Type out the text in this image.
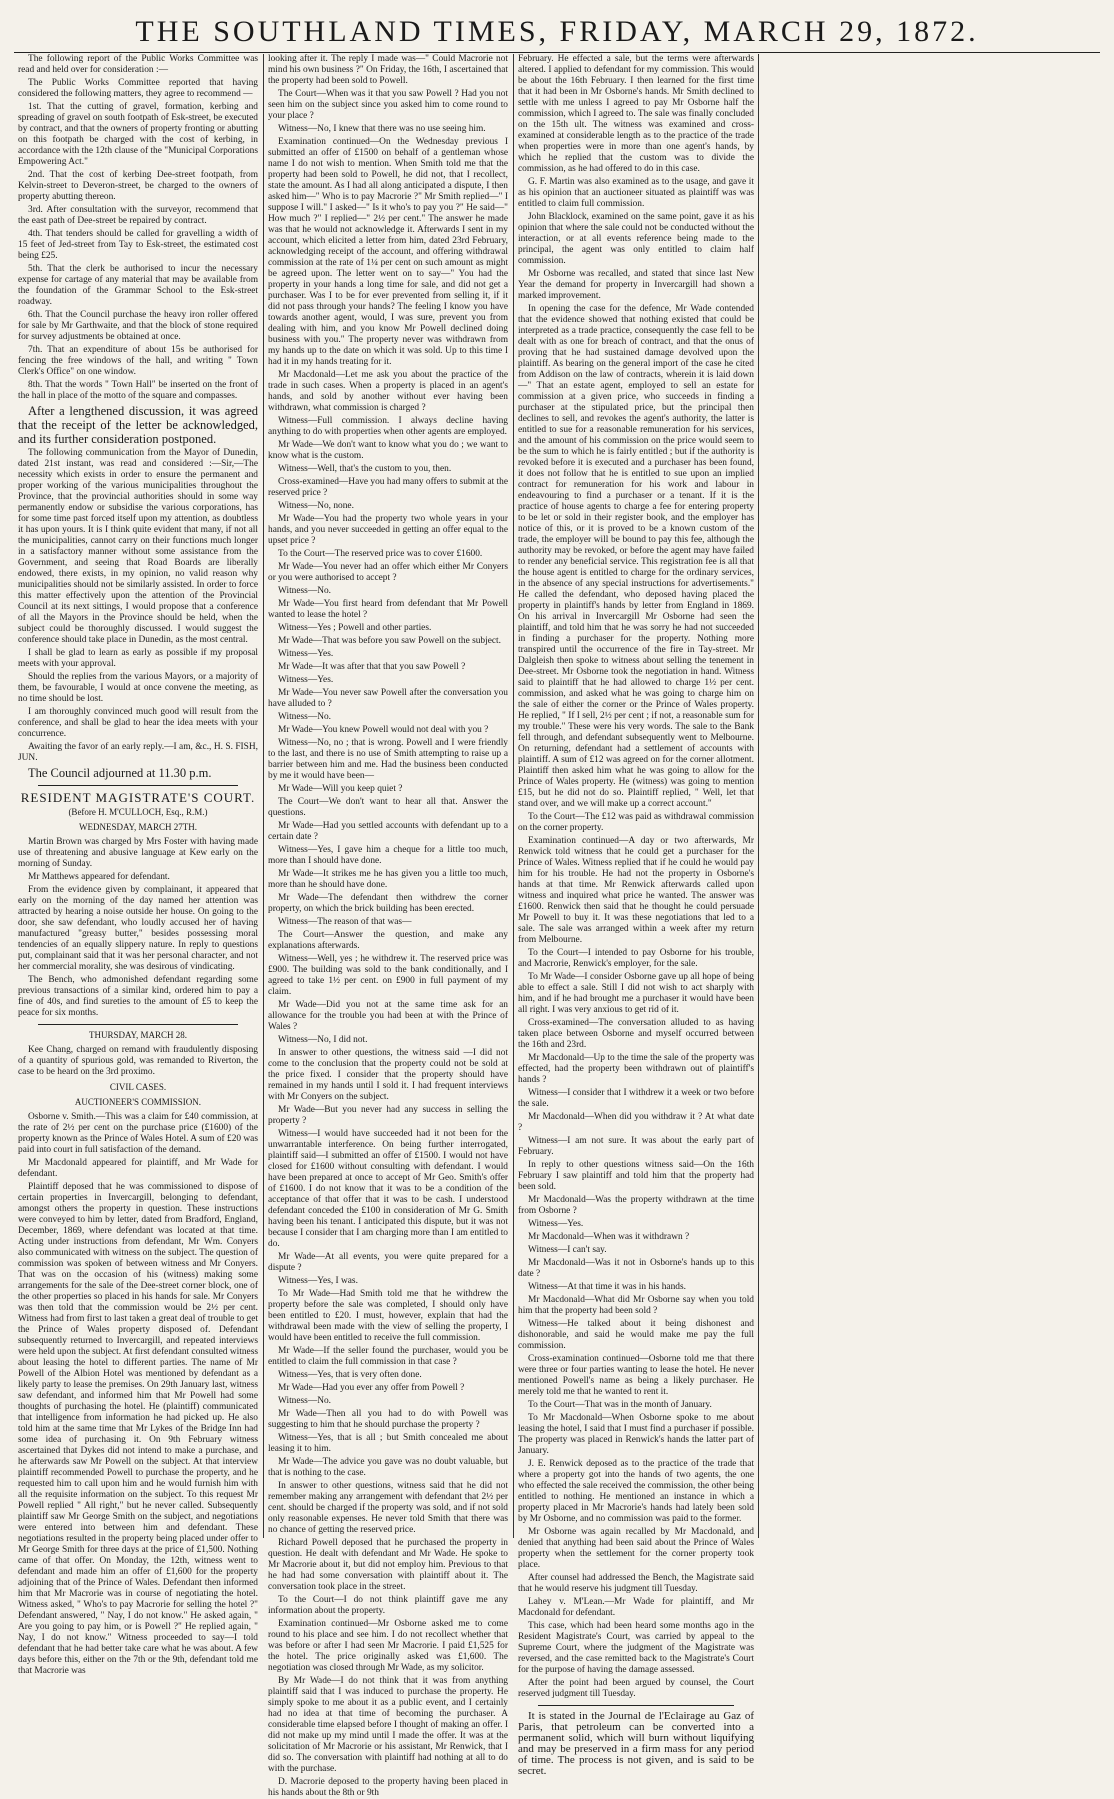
THE SOUTHLAND TIMES, FRIDAY, MARCH 29, 1872.

The following report of the Public Works Committee was read and held over for consideration :—

The Public Works Committee reported that having considered the following matters, they agree to recommend —

1st. That the cutting of gravel, formation, kerbing and spreading of gravel on south footpath of Esk-street, be executed by contract, and that the owners of property fronting or abutting on this footpath be charged with the cost of kerbing, in accordance with the 12th clause of the "Municipal Corporations Empowering Act."

2nd. That the cost of kerbing Dee-street footpath, from Kelvin-street to Deveron-street, be charged to the owners of property abutting thereon.

3rd. After consultation with the surveyor, recommend that the east path of Dee-street be repaired by contract.

4th. That tenders should be called for gravelling a width of 15 feet of Jed-street from Tay to Esk-street, the estimated cost being £25.

5th. That the clerk be authorised to incur the necessary expense for cartage of any material that may be available from the foundation of the Grammar School to the Esk-street roadway.

6th. That the Council purchase the heavy iron roller offered for sale by Mr Garthwaite, and that the block of stone required for survey adjustments be obtained at once.

7th. That an expenditure of about 15s be authorised for fencing the free windows of the hall, and writing " Town Clerk's Office" on one window.

8th. That the words " Town Hall" be inserted on the front of the hall in place of the motto of the square and compasses.

After a lengthened discussion, it was agreed that the receipt of the letter be acknowledged, and its further consideration postponed.

The following communication from the Mayor of Dunedin, dated 21st instant, was read and considered :—Sir,—The necessity which exists in order to ensure the permanent and proper working of the various municipalities throughout the Province, that the provincial authorities should in some way permanently endow or subsidise the various corporations, has for some time past forced itself upon my attention, as doubtless it has upon yours. It is I think quite evident that many, if not all the municipalities, cannot carry on their functions much longer in a satisfactory manner without some assistance from the Government, and seeing that Road Boards are liberally endowed, there exists, in my opinion, no valid reason why municipalities should not be similarly assisted. In order to force this matter effectively upon the attention of the Provincial Council at its next sittings, I would propose that a conference of all the Mayors in the Province should be held, when the subject could be thoroughly discussed. I would suggest the conference should take place in Dunedin, as the most central.

I shall be glad to learn as early as possible if my proposal meets with your approval.

Should the replies from the various Mayors, or a majority of them, be favourable, I would at once convene the meeting, as no time should be lost.

I am thoroughly convinced much good will result from the conference, and shall be glad to hear the idea meets with your concurrence.

Awaiting the favor of an early reply.—I am, &c., H. S. FISH, JUN.

The Council adjourned at 11.30 p.m.

RESIDENT MAGISTRATE'S COURT.
(Before H. M'CULLOCH, Esq., R.M.)
WEDNESDAY, MARCH 27TH.

Martin Brown was charged by Mrs Foster with having made use of threatening and abusive language at Kew early on the morning of Sunday.

Mr Matthews appeared for defendant.

From the evidence given by complainant, it appeared that early on the morning of the day named her attention was attracted by hearing a noise outside her house. On going to the door, she saw defendant, who loudly accused her of having manufactured "greasy butter," besides possessing moral tendencies of an equally slippery nature. In reply to questions put, complainant said that it was her personal character, and not her commercial morality, she was desirous of vindicating.

The Bench, who admonished defendant regarding some previous transactions of a similar kind, ordered him to pay a fine of 40s, and find sureties to the amount of £5 to keep the peace for six months.

THURSDAY, MARCH 28.

Kee Chang, charged on remand with fraudulently disposing of a quantity of spurious gold, was remanded to Riverton, the case to be heard on the 3rd proximo.

CIVIL CASES.
AUCTIONEER'S COMMISSION.

Osborne v. Smith.—This was a claim for £40 commission, at the rate of 2½ per cent on the purchase price (£1600) of the property known as the Prince of Wales Hotel. A sum of £20 was paid into court in full satisfaction of the demand.

Mr Macdonald appeared for plaintiff, and Mr Wade for defendant.

Plaintiff deposed that he was commissioned to dispose of certain properties in Invercargill, belonging to defendant, amongst others the property in question. These instructions were conveyed to him by letter, dated from Bradford, England, December, 1869, where defendant was located at that time. Acting under instructions from defendant, Mr Wm. Conyers also communicated with witness on the subject. The question of commission was spoken of between witness and Mr Conyers. That was on the occasion of his (witness) making some arrangements for the sale of the Dee-street corner block, one of the other properties so placed in his hands for sale. Mr Conyers was then told that the commission would be 2½ per cent. Witness had from first to last taken a great deal of trouble to get the Prince of Wales property disposed of. Defendant subsequently returned to Invercargill, and repeated interviews were held upon the subject. At first defendant consulted witness about leasing the hotel to different parties. The name of Mr Powell of the Albion Hotel was mentioned by defendant as a likely party to lease the premises. On 29th January last, witness saw defendant, and informed him that Mr Powell had some thoughts of purchasing the hotel. He (plaintiff) communicated that intelligence from information he had picked up. He also told him at the same time that Mr Lykes of the Bridge Inn had some idea of purchasing it. On 9th February witness ascertained that Dykes did not intend to make a purchase, and he afterwards saw Mr Powell on the subject. At that interview plaintiff recommended Powell to purchase the property, and he requested him to call upon him and he would furnish him with all the requisite information on the subject. To this request Mr Powell replied " All right," but he never called. Subsequently plaintiff saw Mr George Smith on the subject, and negotiations were entered into between him and defendant. These negotiations resulted in the property being placed under offer to Mr George Smith for three days at the price of £1,500. Nothing came of that offer. On Monday, the 12th, witness went to defendant and made him an offer of £1,600 for the property adjoining that of the Prince of Wales. Defendant then informed him that Mr Macrorie was in course of negotiating the hotel. Witness asked, " Who's to pay Macrorie for selling the hotel ?" Defendant answered, " Nay, I do not know." He asked again, " Are you going to pay him, or is Powell ?" He replied again, " Nay, I do not know." Witness proceeded to say—I told defendant that he had better take care what he was about. A few days before this, either on the 7th or the 9th, defendant told me that Macrorie was

looking after it. The reply I made was—" Could Macrorie not mind his own business ?" On Friday, the 16th, I ascertained that the property had been sold to Powell.

The Court—When was it that you saw Powell ? Had you not seen him on the subject since you asked him to come round to your place ?

Witness—No, I knew that there was no use seeing him.

Examination continued—On the Wednesday previous I submitted an offer of £1500 on behalf of a gentleman whose name I do not wish to mention. When Smith told me that the property had been sold to Powell, he did not, that I recollect, state the amount. As I had all along anticipated a dispute, I then asked him—" Who is to pay Macrorie ?" Mr Smith replied—" I suppose I will." I asked—" Is it who's to pay you ?" He said—" How much ?" I replied—" 2½ per cent." The answer he made was that he would not acknowledge it. Afterwards I sent in my account, which elicited a letter from him, dated 23rd February, acknowledging receipt of the account, and offering withdrawal commission at the rate of 1¼ per cent on such amount as might be agreed upon. The letter went on to say—" You had the property in your hands a long time for sale, and did not get a purchaser. Was I to be for ever prevented from selling it, if it did not pass through your hands? The feeling I know you have towards another agent, would, I was sure, prevent you from dealing with him, and you know Mr Powell declined doing business with you." The property never was withdrawn from my hands up to the date on which it was sold. Up to this time I had it in my hands treating for it.

Mr Macdonald—Let me ask you about the practice of the trade in such cases. When a property is placed in an agent's hands, and sold by another without ever having been withdrawn, what commission is charged ?

Witness—Full commission. I always decline having anything to do with properties when other agents are employed.

Mr Wade—We don't want to know what you do ; we want to know what is the custom.

Witness—Well, that's the custom to you, then.

Cross-examined—Have you had many offers to submit at the reserved price ?

Witness—No, none.

Mr Wade—You had the property two whole years in your hands, and you never succeeded in getting an offer equal to the upset price ?

To the Court—The reserved price was to cover £1600.

Mr Wade—You never had an offer which either Mr Conyers or you were authorised to accept ?

Witness—No.

Mr Wade—You first heard from defendant that Mr Powell wanted to lease the hotel ?

Witness—Yes ; Powell and other parties.

Mr Wade—That was before you saw Powell on the subject.

Witness—Yes.

Mr Wade—It was after that that you saw Powell ?

Witness—Yes.

Mr Wade—You never saw Powell after the conversation you have alluded to ?

Witness—No.

Mr Wade—You knew Powell would not deal with you ?

Witness—No, no ; that is wrong. Powell and I were friendly to the last, and there is no use of Smith attempting to raise up a barrier between him and me. Had the business been conducted by me it would have been—

Mr Wade—Will you keep quiet ?

The Court—We don't want to hear all that. Answer the questions.

Mr Wade—Had you settled accounts with defendant up to a certain date ?

Witness—Yes, I gave him a cheque for a little too much, more than I should have done.

Mr Wade—It strikes me he has given you a little too much, more than he should have done.

Mr Wade—The defendant then withdrew the corner property, on which the brick building has been erected.

Witness—The reason of that was—

The Court—Answer the question, and make any explanations afterwards.

Witness—Well, yes ; he withdrew it. The reserved price was £900. The building was sold to the bank conditionally, and I agreed to take 1½ per cent. on £900 in full payment of my claim.

Mr Wade—Did you not at the same time ask for an allowance for the trouble you had been at with the Prince of Wales ?

Witness—No, I did not.

In answer to other questions, the witness said —I did not come to the conclusion that the property could not be sold at the price fixed. I consider that the property should have remained in my hands until I sold it. I had frequent interviews with Mr Conyers on the subject.

Mr Wade—But you never had any success in selling the property ?

Witness—I would have succeeded had it not been for the unwarrantable interference. On being further interrogated, plaintiff said—I submitted an offer of £1500. I would not have closed for £1600 without consulting with defendant. I would have been prepared at once to accept of Mr Geo. Smith's offer of £1600. I do not know that it was to be a condition of the acceptance of that offer that it was to be cash. I understood defendant conceded the £100 in consideration of Mr G. Smith having been his tenant. I anticipated this dispute, but it was not because I consider that I am charging more than I am entitled to do.

Mr Wade—At all events, you were quite prepared for a dispute ?

Witness—Yes, I was.

To Mr Wade—Had Smith told me that he withdrew the property before the sale was completed, I should only have been entitled to £20. I must, however, explain that had the withdrawal been made with the view of selling the property, I would have been entitled to receive the full commission.

Mr Wade—If the seller found the purchaser, would you be entitled to claim the full commission in that case ?

Witness—Yes, that is very often done.

Mr Wade—Had you ever any offer from Powell ?

Witness—No.

Mr Wade—Then all you had to do with Powell was suggesting to him that he should purchase the property ?

Witness—Yes, that is all ; but Smith concealed me about leasing it to him.

Mr Wade—The advice you gave was no doubt valuable, but that is nothing to the case.

In answer to other questions, witness said that he did not remember making any arrangement with defendant that 2½ per cent. should be charged if the property was sold, and if not sold only reasonable expenses. He never told Smith that there was no chance of getting the reserved price.

Richard Powell deposed that he purchased the property in question. He dealt with defendant and Mr Wade. He spoke to Mr Macrorie about it, but did not employ him. Previous to that he had had some conversation with plaintiff about it. The conversation took place in the street.

To the Court—I do not think plaintiff gave me any information about the property.

Examination continued—Mr Osborne asked me to come round to his place and see him. I do not recollect whether that was before or after I had seen Mr Macrorie. I paid £1,525 for the hotel. The price originally asked was £1,600. The negotiation was closed through Mr Wade, as my solicitor.

By Mr Wade—I do not think that it was from anything plaintiff said that I was induced to purchase the property. He simply spoke to me about it as a public event, and I certainly had no idea at that time of becoming the purchaser. A considerable time elapsed before I thought of making an offer. I did not make up my mind until I made the offer. It was at the solicitation of Mr Macrorie or his assistant, Mr Renwick, that I did so. The conversation with plaintiff had nothing at all to do with the purchase.

D. Macrorie deposed to the property having been placed in his hands about the 8th or 9th

February. He effected a sale, but the terms were afterwards altered. I applied to defendant for my commission. This would be about the 16th February. I then learned for the first time that it had been in Mr Osborne's hands. Mr Smith declined to settle with me unless I agreed to pay Mr Osborne half the commission, which I agreed to. The sale was finally concluded on the 15th ult. The witness was examined and cross-examined at considerable length as to the practice of the trade when properties were in more than one agent's hands, by which he replied that the custom was to divide the commission, as he had offered to do in this case.

G. F. Martin was also examined as to the usage, and gave it as his opinion that an auctioneer situated as plaintiff was was entitled to claim full commission.

John Blacklock, examined on the same point, gave it as his opinion that where the sale could not be conducted without the interaction, or at all events reference being made to the principal, the agent was only entitled to claim half commission.

Mr Osborne was recalled, and stated that since last New Year the demand for property in Invercargill had shown a marked improvement.

In opening the case for the defence, Mr Wade contended that the evidence showed that nothing existed that could be interpreted as a trade practice, consequently the case fell to be dealt with as one for breach of contract, and that the onus of proving that he had sustained damage devolved upon the plaintiff. As bearing on the general import of the case he cited from Addison on the law of contracts, wherein it is laid down—" That an estate agent, employed to sell an estate for commission at a given price, who succeeds in finding a purchaser at the stipulated price, but the principal then declines to sell, and revokes the agent's authority, the latter is entitled to sue for a reasonable remuneration for his services, and the amount of his commission on the price would seem to be the sum to which he is fairly entitled ; but if the authority is revoked before it is executed and a purchaser has been found, it does not follow that he is entitled to sue upon an implied contract for remuneration for his work and labour in endeavouring to find a purchaser or a tenant. If it is the practice of house agents to charge a fee for entering property to be let or sold in their register book, and the employer has notice of this, or it is proved to be a known custom of the trade, the employer will be bound to pay this fee, although the authority may be revoked, or before the agent may have failed to render any beneficial service. This registration fee is all that the house agent is entitled to charge for the ordinary services, in the absence of any special instructions for advertisements." He called the defendant, who deposed having placed the property in plaintiff's hands by letter from England in 1869. On his arrival in Invercargill Mr Osborne had seen the plaintiff, and told him that he was sorry he had not succeeded in finding a purchaser for the property. Nothing more transpired until the occurrence of the fire in Tay-street. Mr Dalgleish then spoke to witness about selling the tenement in Dee-street. Mr Osborne took the negotiation in hand. Witness said to plaintiff that he had allowed to charge 1½ per cent. commission, and asked what he was going to charge him on the sale of either the corner or the Prince of Wales property. He replied, " If I sell, 2½ per cent ; if not, a reasonable sum for my trouble." These were his very words. The sale to the Bank fell through, and defendant subsequently went to Melbourne. On returning, defendant had a settlement of accounts with plaintiff. A sum of £12 was agreed on for the corner allotment. Plaintiff then asked him what he was going to allow for the Prince of Wales property. He (witness) was going to mention £15, but he did not do so. Plaintiff replied, " Well, let that stand over, and we will make up a correct account."

To the Court—The £12 was paid as withdrawal commission on the corner property.

Examination continued—A day or two afterwards, Mr Renwick told witness that he could get a purchaser for the Prince of Wales. Witness replied that if he could he would pay him for his trouble. He had not the property in Osborne's hands at that time. Mr Renwick afterwards called upon witness and inquired what price he wanted. The answer was £1600. Renwick then said that he thought he could persuade Mr Powell to buy it. It was these negotiations that led to a sale. The sale was arranged within a week after my return from Melbourne.

To the Court—I intended to pay Osborne for his trouble, and Macrorie, Renwick's employer, for the sale.

To Mr Wade—I consider Osborne gave up all hope of being able to effect a sale. Still I did not wish to act sharply with him, and if he had brought me a purchaser it would have been all right. I was very anxious to get rid of it.

Cross-examined—The conversation alluded to as having taken place between Osborne and myself occurred between the 16th and 23rd.

Mr Macdonald—Up to the time the sale of the property was effected, had the property been withdrawn out of plaintiff's hands ?

Witness—I consider that I withdrew it a week or two before the sale.

Mr Macdonald—When did you withdraw it ? At what date ?

Witness—I am not sure. It was about the early part of February.

In reply to other questions witness said—On the 16th February I saw plaintiff and told him that the property had been sold.

Mr Macdonald—Was the property withdrawn at the time from Osborne ?

Witness—Yes.

Mr Macdonald—When was it withdrawn ?

Witness—I can't say.

Mr Macdonald—Was it not in Osborne's hands up to this date ?

Witness—At that time it was in his hands.

Mr Macdonald—What did Mr Osborne say when you told him that the property had been sold ?

Witness—He talked about it being dishonest and dishonorable, and said he would make me pay the full commission.

Cross-examination continued—Osborne told me that there were three or four parties wanting to lease the hotel. He never mentioned Powell's name as being a likely purchaser. He merely told me that he wanted to rent it.

To the Court—That was in the month of January.

To Mr Macdonald—When Osborne spoke to me about leasing the hotel, I said that I must find a purchaser if possible. The property was placed in Renwick's hands the latter part of January.

J. E. Renwick deposed as to the practice of the trade that where a property got into the hands of two agents, the one who effected the sale received the commission, the other being entitled to nothing. He mentioned an instance in which a property placed in Mr Macrorie's hands had lately been sold by Mr Osborne, and no commission was paid to the former.

Mr Osborne was again recalled by Mr Macdonald, and denied that anything had been said about the Prince of Wales property when the settlement for the corner property took place.

After counsel had addressed the Bench, the Magistrate said that he would reserve his judgment till Tuesday.

Lahey v. M'Lean.—Mr Wade for plaintiff, and Mr Macdonald for defendant.

This case, which had been heard some months ago in the Resident Magistrate's Court, was carried by appeal to the Supreme Court, where the judgment of the Magistrate was reversed, and the case remitted back to the Magistrate's Court for the purpose of having the damage assessed.

After the point had been argued by counsel, the Court reserved judgment till Tuesday.

It is stated in the Journal de l'Eclairage au Gaz of Paris, that petroleum can be converted into a permanent solid, which will burn without liquifying and may be preserved in a firm mass for any period of time. The process is not given, and is said to be secret.
